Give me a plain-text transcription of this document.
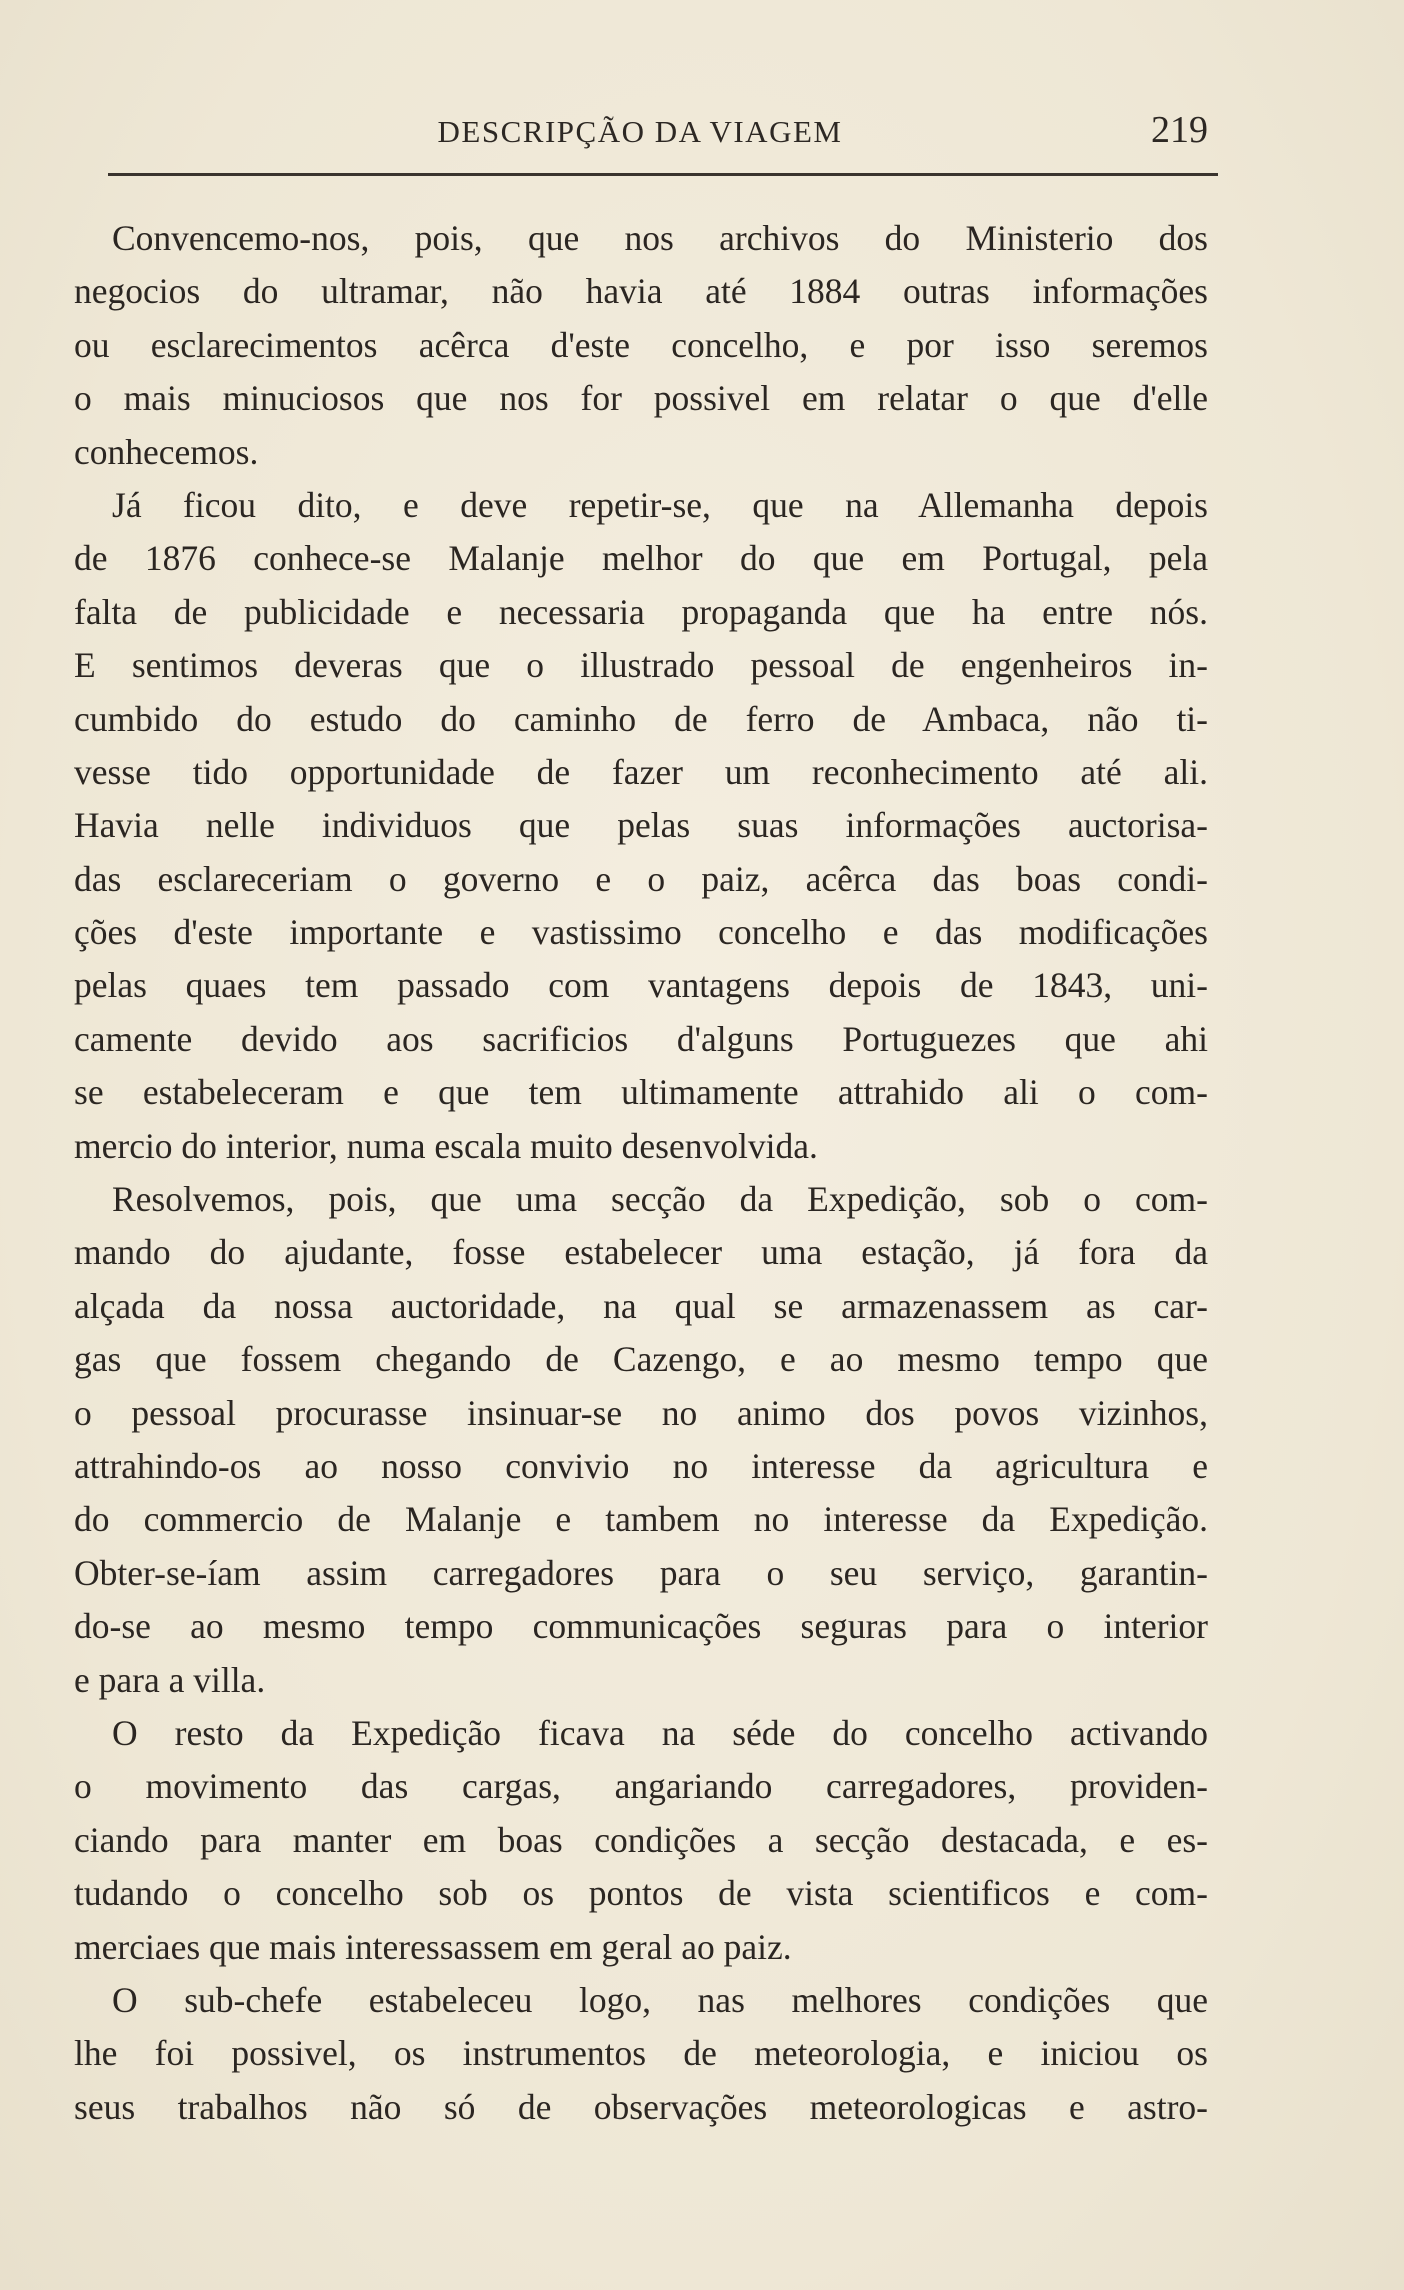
DESCRIPÇÃO DA VIAGEM	219
Convencemo-nos, pois, que nos archivos do Ministerio dos
negocios do ultramar, não havia até 1884 outras informações
ou esclarecimentos acêrca d'este concelho, e por isso seremos
o mais minuciosos que nos for possivel em relatar o que d'elle
conhecemos.
Já ficou dito, e deve repetir-se, que na Allemanha depois
de 1876 conhece-se Malanje melhor do que em Portugal, pela
falta de publicidade e necessaria propaganda que ha entre nós.
E sentimos deveras que o illustrado pessoal de engenheiros in-
cumbido do estudo do caminho de ferro de Ambaca, não ti-
vesse tido opportunidade de fazer um reconhecimento até ali.
Havia nelle individuos que pelas suas informações auctorisa-
das esclareceriam o governo e o paiz, acêrca das boas condi-
ções d'este importante e vastissimo concelho e das modificações
pelas quaes tem passado com vantagens depois de 1843, uni-
camente devido aos sacrificios d'alguns Portuguezes que ahi
se estabeleceram e que tem ultimamente attrahido ali o com-
mercio do interior, numa escala muito desenvolvida.
Resolvemos, pois, que uma secção da Expedição, sob o com-
mando do ajudante, fosse estabelecer uma estação, já fora da
alçada da nossa auctoridade, na qual se armazenassem as car-
gas que fossem chegando de Cazengo, e ao mesmo tempo que
o pessoal procurasse insinuar-se no animo dos povos vizinhos,
attrahindo-os ao nosso convivio no interesse da agricultura e
do commercio de Malanje e tambem no interesse da Expedição.
Obter-se-íam assim carregadores para o seu serviço, garantin-
do-se ao mesmo tempo communicações seguras para o interior
e para a villa.
O resto da Expedição ficava na séde do concelho activando
o movimento das cargas, angariando carregadores, providen-
ciando para manter em boas condições a secção destacada, e es-
tudando o concelho sob os pontos de vista scientificos e com-
merciaes que mais interessassem em geral ao paiz.
O sub-chefe estabeleceu logo, nas melhores condições que
lhe foi possivel, os instrumentos de meteorologia, e iniciou os
seus trabalhos não só de observações meteorologicas e astro-
